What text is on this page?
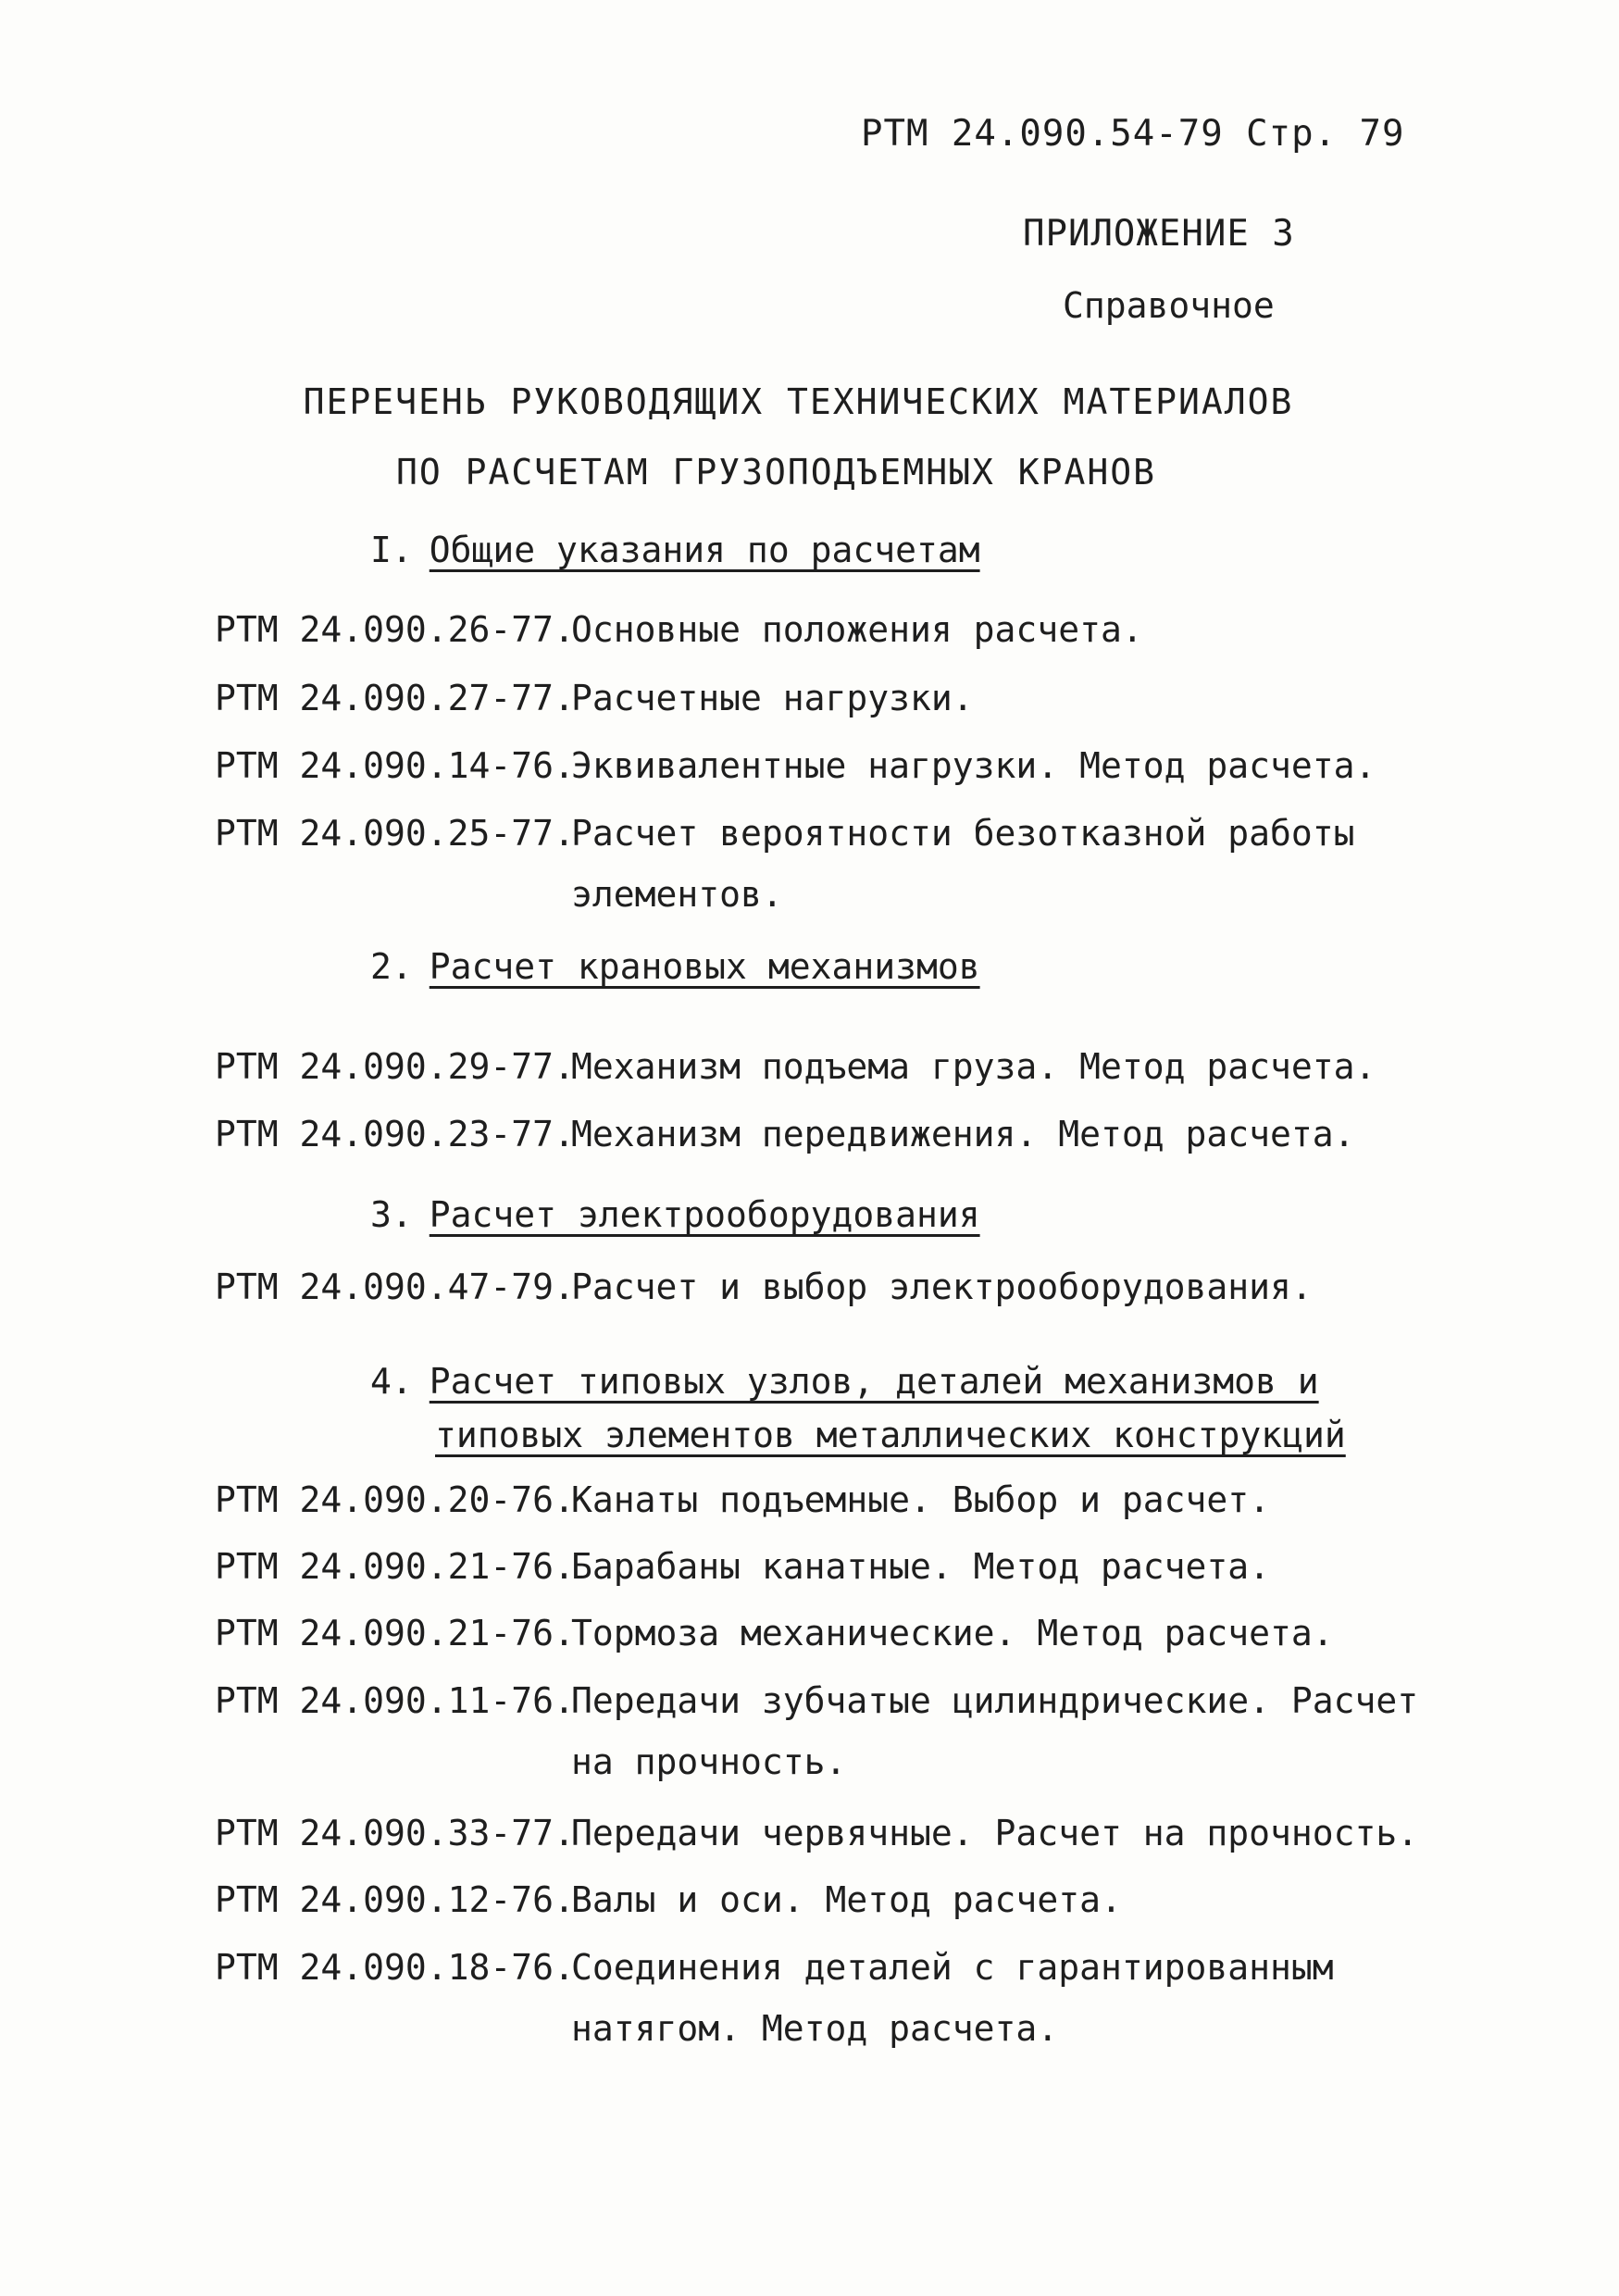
РТМ 24.090.54-79 Стр. 79
ПРИЛОЖЕНИЕ 3
Справочное
ПЕРЕЧЕНЬ РУКОВОДЯЩИХ ТЕХНИЧЕСКИХ МАТЕРИАЛОВ
ПО РАСЧЕТАМ ГРУЗОПОДЪЕМНЫХ КРАНОВ
I. Общие указания по расчетам
РТМ 24.090.26-77.Основные положения расчета.
РТМ 24.090.27-77.Расчетные нагрузки.
РТМ 24.090.14-76.Эквивалентные нагрузки. Метод расчета.
РТМ 24.090.25-77.Расчет вероятности безотказной работы
элементов.
2. Расчет крановых механизмов
РТМ 24.090.29-77.Механизм подъема груза. Метод расчета.
РТМ 24.090.23-77.Механизм передвижения. Метод расчета.
3. Расчет электрооборудования
РТМ 24.090.47-79.Расчет и выбор электрооборудования.
4. Расчет типовых узлов, деталей механизмов и
типовых элементов металлических конструкций
РТМ 24.090.20-76.Канаты подъемные. Выбор и расчет.
РТМ 24.090.21-76.Барабаны канатные. Метод расчета.
РТМ 24.090.21-76.Тормоза механические. Метод расчета.
РТМ 24.090.11-76.Передачи зубчатые цилиндрические. Расчет
на прочность.
РТМ 24.090.33-77.Передачи червячные. Расчет на прочность.
РТМ 24.090.12-76.Валы и оси. Метод расчета.
РТМ 24.090.18-76.Соединения деталей с гарантированным
натягом. Метод расчета.
